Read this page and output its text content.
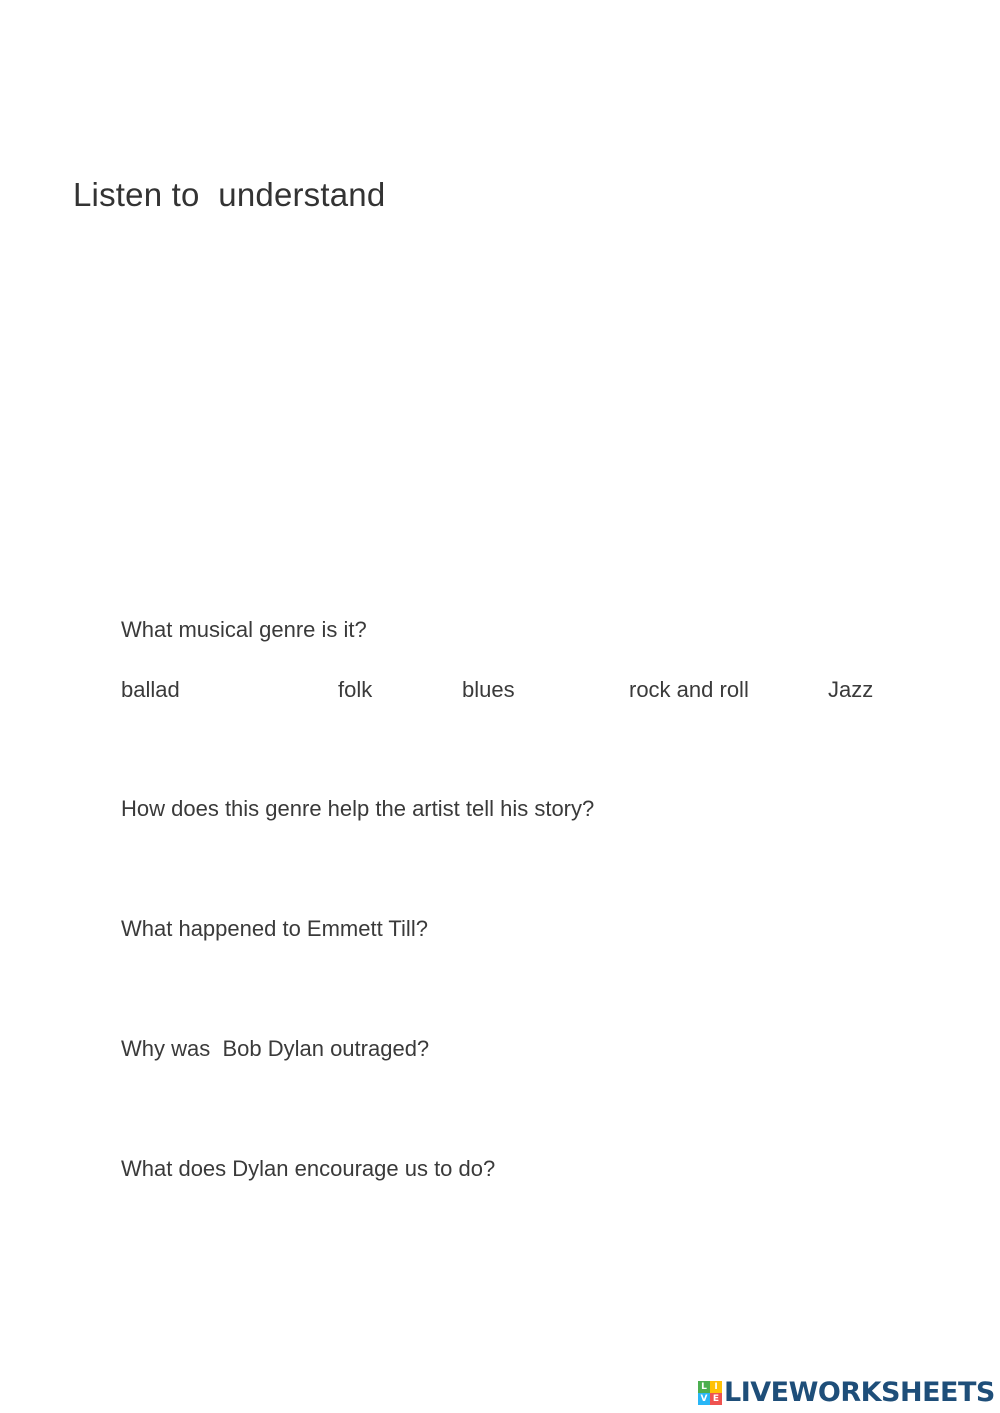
Listen to  understand

What musical genre is it?

ballad	folk	blues	rock and roll	Jazz

How does this genre help the artist tell his story?

What happened to Emmett Till?

Why was  Bob Dylan outraged?

What does Dylan encourage us to do?

L I
V E LIVEWORKSHEETS
